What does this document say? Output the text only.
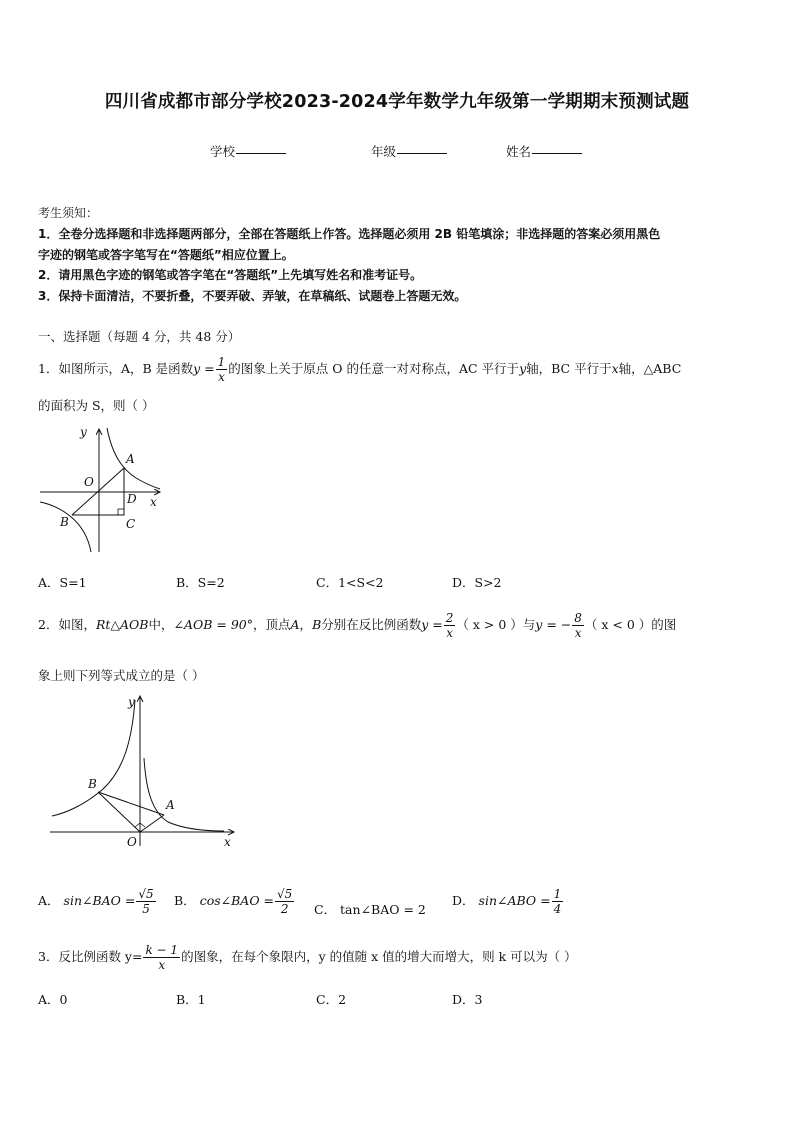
四川省成都市部分学校2023-2024学年数学九年级第一学期期末预测试题
学校	年级	姓名
考生须知：
1．全卷分选择题和非选择题两部分，全部在答题纸上作答。选择题必须用 2B 铅笔填涂；非选择题的答案必须用黑色
字迹的钢笔或答字笔写在“答题纸”相应位置上。
2．请用黑色字迹的钢笔或答字笔在“答题纸”上先填写姓名和准考证号。
3．保持卡面清洁，不要折叠，不要弄破、弄皱，在草稿纸、试题卷上答题无效。
一、选择题（每题 4 分，共 48 分）
1．如图所示，A，B 是函数$y = \frac{1}{x}$ 的图象上关于原点 O 的任意一对对称点，AC 平行于y轴，BC 平行于x轴，△ABC
的面积为 S，则（ ）
y
x
O
A
B	C
D
A．S=1	B．S=2	C．1<S<2	D．S>2
2．如图，Rt△AOB中，∠AOB = 90°，顶点A，B分别在反比例函数$y = \frac{2}{x}$ （ x > 0 ）与y = − $\frac{8}{x}$ （ x < 0 ）的图
象上则下列等式成立的是（ ）
y
x
O
A
B
A． sin∠BAO = $\frac{√5}{5}$ B． cos∠BAO = $\frac{√5}{2}$ C． tan∠BAO = 2
D． sin∠ABO = $\frac{1}{4}$
3．反比例函数 $y= \frac{k - 1}{x}$ 的图象，在每个象限内，y 的值随 x 值的增大而增大，则 k 可以为（ ）
A．0	B．1	C．2	D．3
